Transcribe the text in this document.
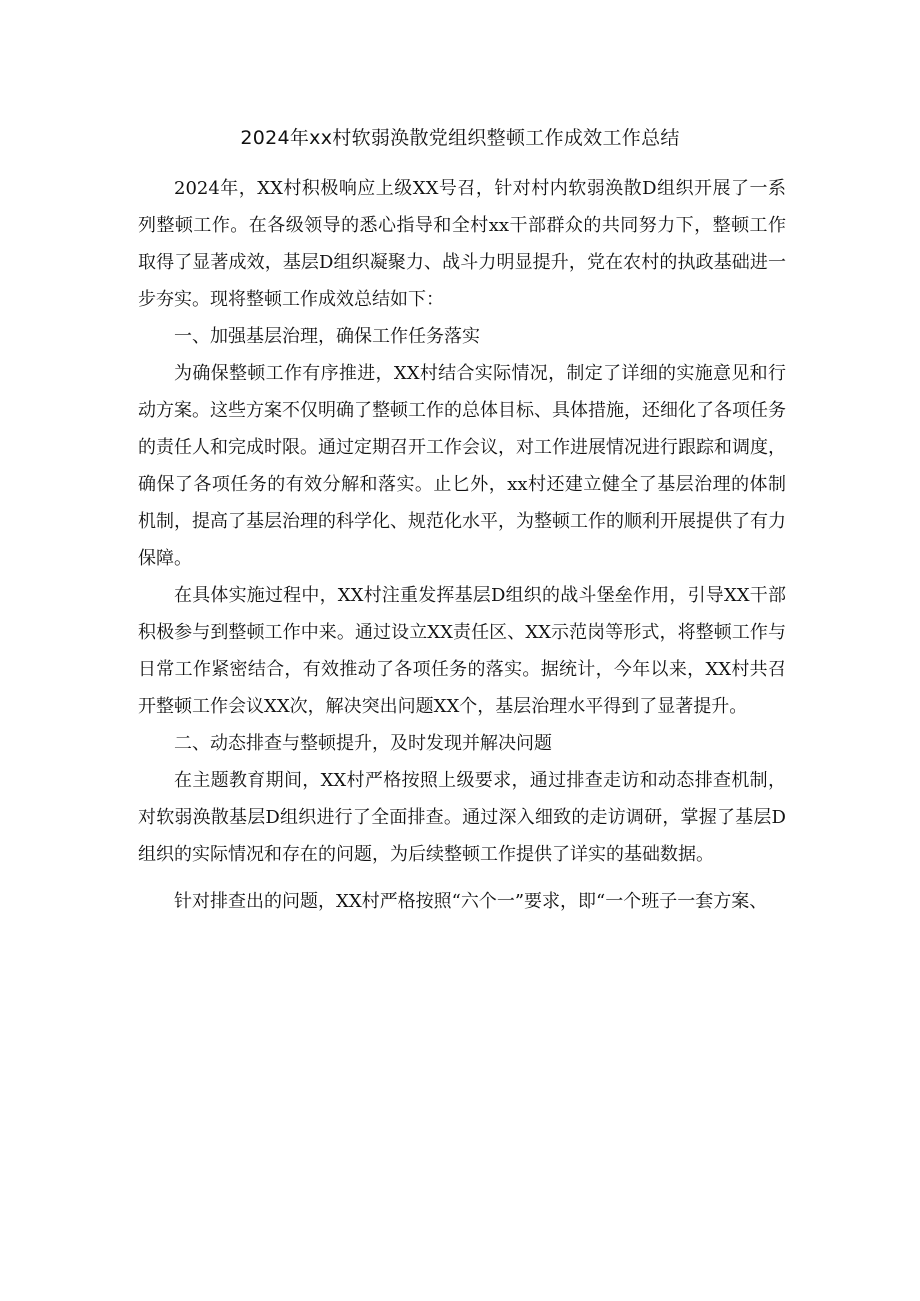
2024年xx村软弱涣散党组织整顿工作成效工作总结

2024年，XX村积极响应上级XX号召，针对村内软弱涣散D组织开展了一系列整顿工作。在各级领导的悉心指导和全村xx干部群众的共同努力下，整顿工作取得了显著成效，基层D组织凝聚力、战斗力明显提升，党在农村的执政基础进一步夯实。现将整顿工作成效总结如下：

一、加强基层治理，确保工作任务落实

为确保整顿工作有序推进，XX村结合实际情况，制定了详细的实施意见和行动方案。这些方案不仅明确了整顿工作的总体目标、具体措施，还细化了各项任务的责任人和完成时限。通过定期召开工作会议，对工作进展情况进行跟踪和调度，确保了各项任务的有效分解和落实。止匕外，xx村还建立健全了基层治理的体制机制，提高了基层治理的科学化、规范化水平，为整顿工作的顺利开展提供了有力保障。

在具体实施过程中，XX村注重发挥基层D组织的战斗堡垒作用，引导XX干部积极参与到整顿工作中来。通过设立XX责任区、XX示范岗等形式，将整顿工作与日常工作紧密结合，有效推动了各项任务的落实。据统计，今年以来，XX村共召开整顿工作会议XX次，解决突出问题XX个，基层治理水平得到了显著提升。

二、动态排查与整顿提升，及时发现并解决问题

在主题教育期间，XX村严格按照上级要求，通过排查走访和动态排查机制，对软弱涣散基层D组织进行了全面排查。通过深入细致的走访调研，掌握了基层D组织的实际情况和存在的问题，为后续整顿工作提供了详实的基础数据。

针对排查出的问题，XX村严格按照“六个一”要求，即“一个班子一套方案、
